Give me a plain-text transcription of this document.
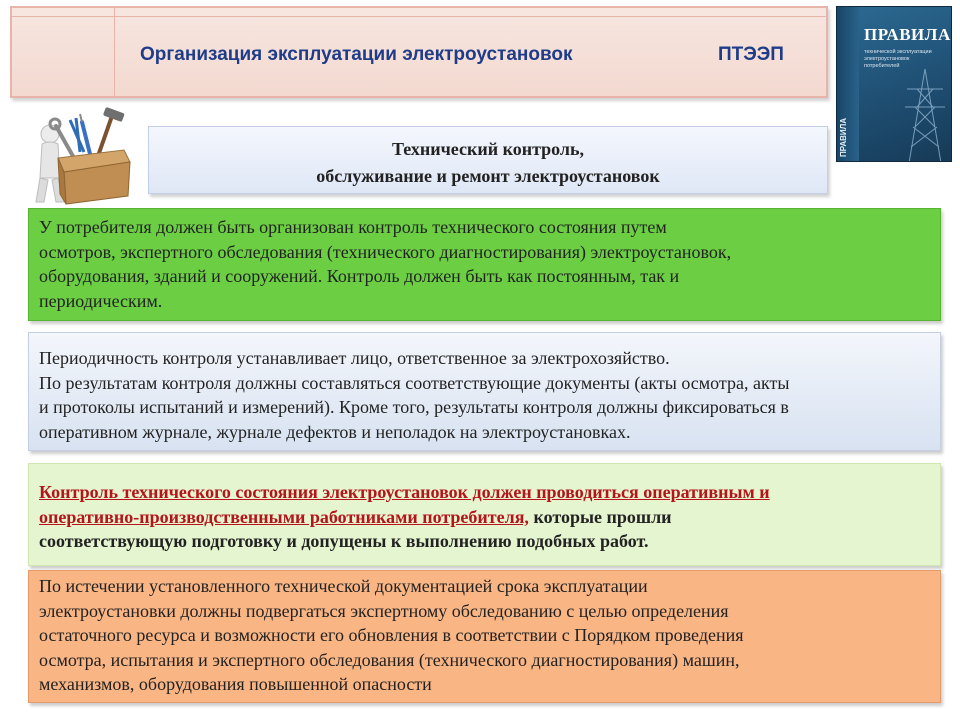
Организация эксплуатации электроустановок	ПТЭЭП
ПРАВИЛА
ПРАВИЛА
технической эксплуатации электроустановок потребителей
Технический контроль,
обслуживание и ремонт электроустановок

У потребителя должен быть организован контроль технического состояния путем

осмотров, экспертного обследования (технического диагностирования) электроустановок,

оборудования, зданий и сооружений. Контроль должен быть как постоянным, так и

периодическим.

Периодичность контроля устанавливает лицо, ответственное за электрохозяйство.

По результатам контроля должны составляться соответствующие документы (акты осмотра, акты

и протоколы испытаний и измерений). Кроме того, результаты контроля должны фиксироваться в

оперативном журнале, журнале дефектов и неполадок на электроустановках.

Контроль технического состояния электроустановок должен проводиться оперативным и

оперативно-производственными работниками потребителя, которые прошли

соответствующую подготовку и допущены к выполнению подобных работ.

По истечении установленного технической документацией срока эксплуатации

электроустановки должны подвергаться экспертному обследованию с целью определения

остаточного ресурса и возможности его обновления в соответствии с Порядком проведения

осмотра, испытания и экспертного обследования (технического диагностирования) машин,

механизмов, оборудования повышенной опасности
